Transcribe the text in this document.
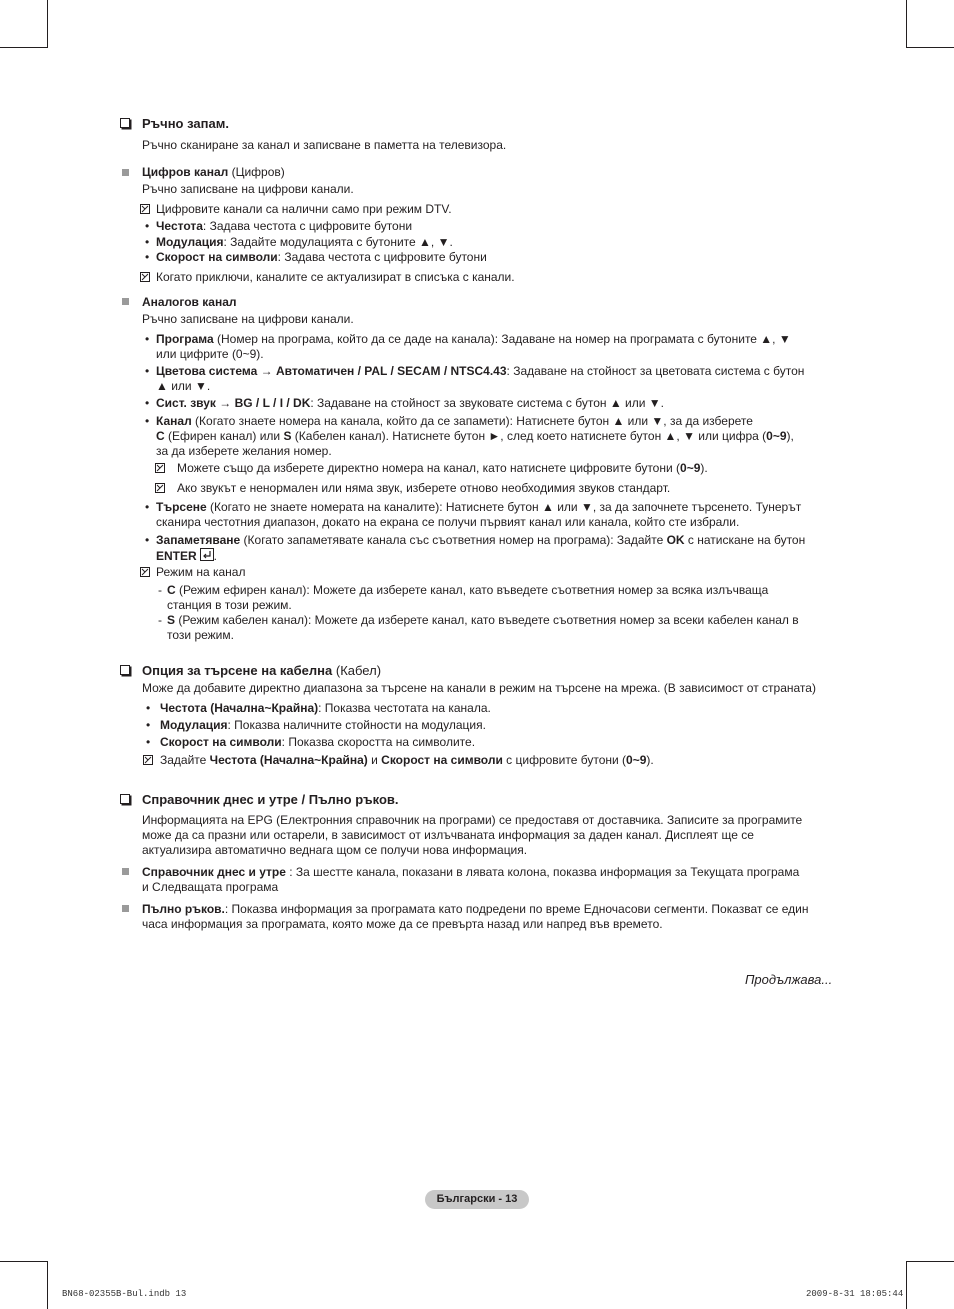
Ръчно запам.
Ръчно сканиране за канал и записване в паметта на телевизора.
Цифров канал (Цифров)
Ръчно записване на цифрови канали.
Цифровите канали са налични само при режим DTV.
• Честота: Задава честота с цифровите бутони
• Модулация: Задайте модулацията с бутоните ▲, ▼.
• Скорост на символи: Задава честота с цифровите бутони
Когато приключи, каналите се актуализират в списъка с канали.
Аналогов канал
Ръчно записване на цифрови канали.
• Програма (Номер на програма, който да се даде на канала): Задаване на номер на програмата с бутоните ▲, ▼
или цифрите (0~9).
• Цветова система → Автоматичен / PAL / SECAM / NTSC4.43: Задаване на стойност за цветовата система с бутон
▲ или ▼.
• Сист. звук → BG / L / I / DK: Задаване на стойност за звуковате система с бутон ▲ или ▼.
• Канал (Когато знаете номера на канала, който да се запамети): Натиснете бутон ▲ или ▼, за да изберете
C (Ефирен канал) или S (Кабелен канал). Натиснете бутон ►, след което натиснете бутон ▲, ▼ или цифра (0~9),
за да изберете желания номер.
Можете също да изберете директно номера на канал, като натиснете цифровите бутони (0~9).
Ако звукът е ненормален или няма звук, изберете отново необходимия звуков стандарт.
• Търсене (Когато не знаете номерата на каналите): Натиснете бутон ▲ или ▼, за да започнете търсенето. Тунерът
сканира честотния диапазон, докато на екрана се получи първият канал или канала, който сте избрали.
• Запаметяване (Когато запаметявате канала със съответния номер на програма): Задайте OK с натискане на бутон
ENTER .
Режим на канал
- C (Режим ефирен канал): Можете да изберете канал, като въведете съответния номер за всяка излъчваща
станция в този режим.
- S (Режим кабелен канал): Можете да изберете канал, като въведете съответния номер за всеки кабелен канал в
този режим.
Опция за търсене на кабелна (Кабел)
Може да добавите директно диапазона за търсене на канали в режим на търсене на мрежа. (В зависимост от страната)
• Честота (Начална~Крайна): Показва честотата на канала.
• Модулация: Показва наличните стойности на модулация.
• Скорост на символи: Показва скоростта на символите.
Задайте Честота (Начална~Крайна) и Скорост на символи с цифровите бутони (0~9).
Справочник днес и утре / Пълно ръков.
Информацията на EPG (Електронния справочник на програми) се предоставя от доставчика. Записите за програмите
може да са празни или остарели, в зависимост от излъчваната информация за даден канал. Дисплеят ще се
актуализира автоматично веднага щом се получи нова информация.
Справочник днес и утре : За шестте канала, показани в лявата колона, показва информация за Текущата програма
и Следващата програма
Пълно ръков.: Показва информация за програмата като подредени по време Едночасови сегменти. Показват се един
часа информация за програмата, която може да се превърта назад или напред във времето.
Продължава...
Български - 13
BN68-02355B-Bul.indb 13	2009-8-31 18:05:44
